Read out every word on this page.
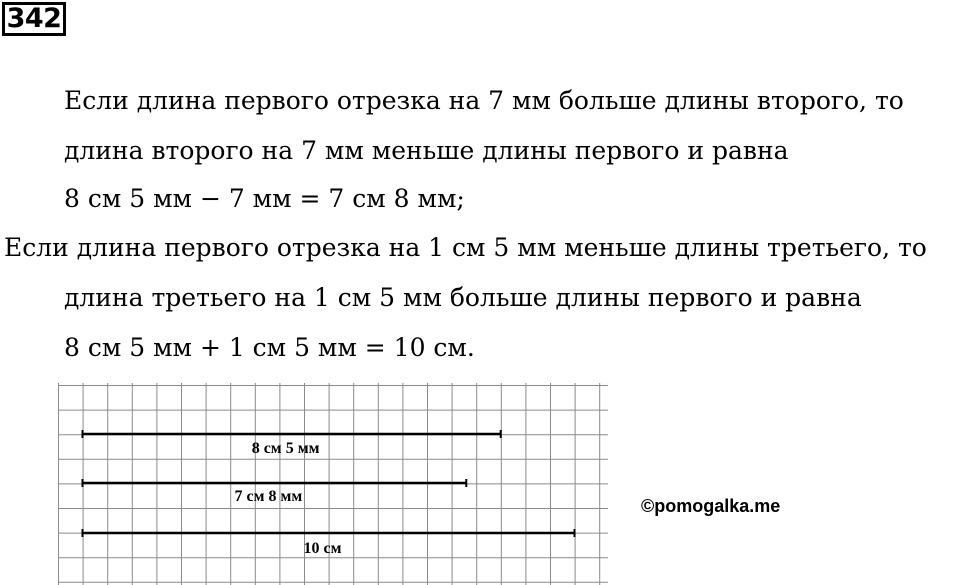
342
Если длина первого отрезка на 7 мм больше длины второго, то
длина второго на 7 мм меньше длины первого и равна
8 см 5 мм − 7 мм = 7 см 8 мм;
Если длина первого отрезка на 1 см 5 мм меньше длины третьего, то
длина третьего на 1 см 5 мм больше длины первого и равна
8 см 5 мм + 1 см 5 мм = 10 см.
8 см 5 мм
7 см 8 мм
10 см
©pomogalka.me
